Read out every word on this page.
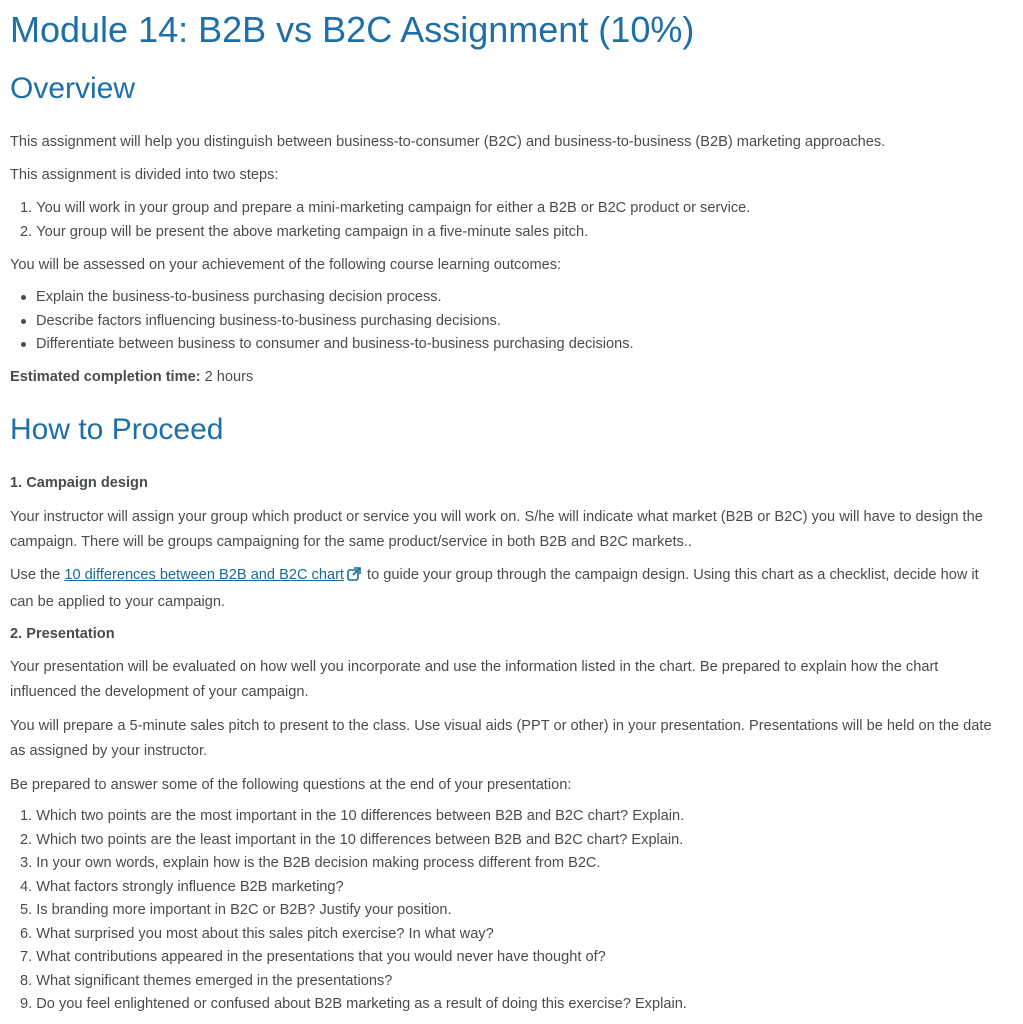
Module 14: B2B vs B2C Assignment (10%)
Overview

This assignment will help you distinguish between business-to-consumer (B2C) and business-to-business (B2B) marketing approaches.

This assignment is divided into two steps:

1. You will work in your group and prepare a mini-marketing campaign for either a B2B or B2C product or service.
2. Your group will be present the above marketing campaign in a five-minute sales pitch.

You will be assessed on your achievement of the following course learning outcomes:

Explain the business-to-business purchasing decision process.
Describe factors influencing business-to-business purchasing decisions.
Differentiate between business to consumer and business-to-business purchasing decisions.

Estimated completion time: 2 hours

How to Proceed

1. Campaign design

Your instructor will assign your group which product or service you will work on. S/he will indicate what market (B2B or B2C) you will have to design the campaign. There will be groups campaigning for the same product/service in both B2B and B2C markets..

Use the 10 differences between B2B and B2C chart to guide your group through the campaign design. Using this chart as a checklist, decide how it can be applied to your campaign.

2. Presentation

Your presentation will be evaluated on how well you incorporate and use the information listed in the chart. Be prepared to explain how the chart influenced the development of your campaign.

You will prepare a 5-minute sales pitch to present to the class. Use visual aids (PPT or other) in your presentation. Presentations will be held on the date as assigned by your instructor.

Be prepared to answer some of the following questions at the end of your presentation:

1. Which two points are the most important in the 10 differences between B2B and B2C chart? Explain.
2. Which two points are the least important in the 10 differences between B2B and B2C chart? Explain.
3. In your own words, explain how is the B2B decision making process different from B2C.
4. What factors strongly influence B2B marketing?
5. Is branding more important in B2C or B2B? Justify your position.
6. What surprised you most about this sales pitch exercise? In what way?
7. What contributions appeared in the presentations that you would never have thought of?
8. What significant themes emerged in the presentations?
9. Do you feel enlightened or confused about B2B marketing as a result of doing this exercise? Explain.
